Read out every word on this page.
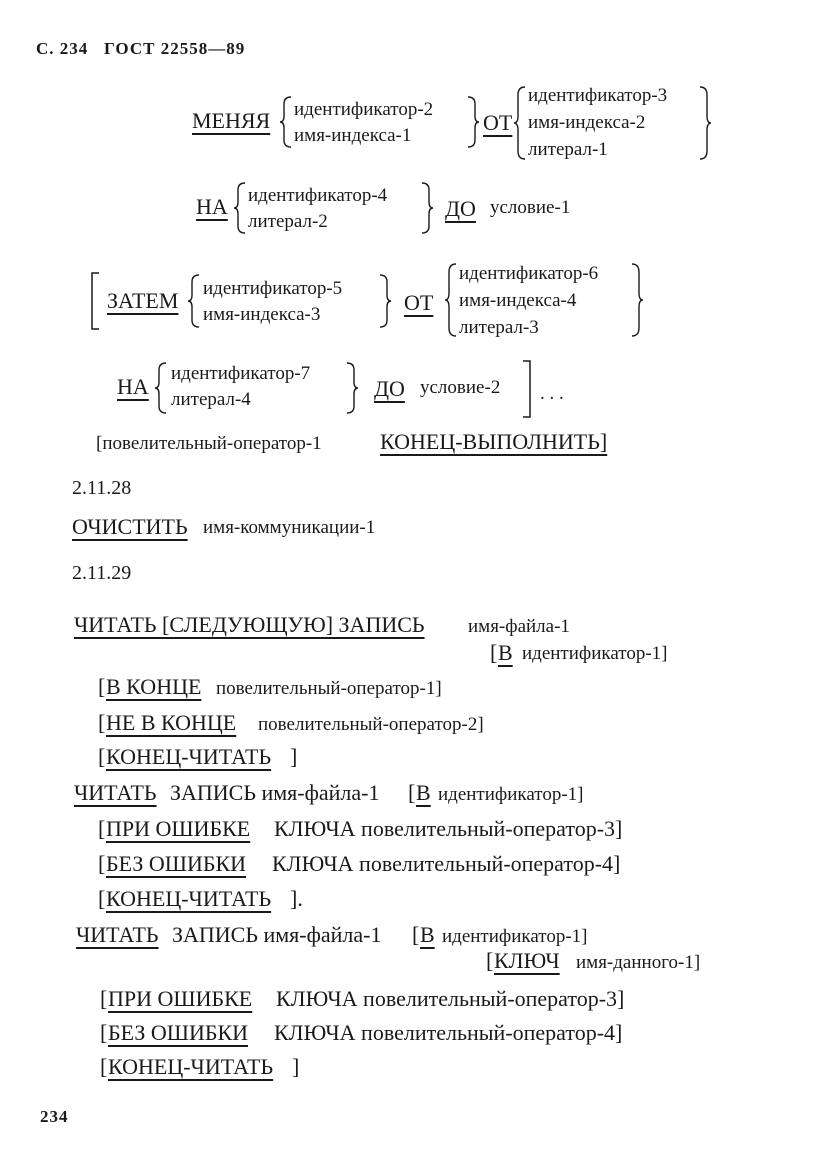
С. 234 ГОСТ 22558—89
МЕНЯЯ идентификатор-2
имя-индекса-1
ОТ
идентификатор-3
имя-индекса-2
литерал-1
НА идентификатор-4
литерал-2
ДО условие-1
ЗАТЕМ идентификатор-5
имя-индекса-3	ОТ
идентификатор-6
имя-индекса-4
литерал-3
НА
идентификатор-7
литерал-4	ДО условие-2 . . .
[повелительный-оператор-1	КОНЕЦ-ВЫПОЛНИТЬ]
2.11.28
ОЧИСТИТЬ имя-коммуникации-1
2.11.29
ЧИТАТЬ [СЛЕДУЮЩУЮ] ЗАПИСЬ имя-файла-1
[ В идентификатор-1]
[ В КОНЦЕ повелительный-оператор-1]
[ НЕ В КОНЦЕ повелительный-оператор-2]
[ КОНЕЦ-ЧИТАТЬ ]
ЧИТАТЬ ЗАПИСЬ имя-файла-1 [ В идентификатор-1]
[ ПРИ ОШИБКЕ КЛЮЧА повелительный-оператор-3]
[ БЕЗ ОШИБКИ КЛЮЧА повелительный-оператор-4]
[ КОНЕЦ-ЧИТАТЬ ].
ЧИТАТЬ ЗАПИСЬ имя-файла-1 [ В идентификатор-1]
[ КЛЮЧ имя-данного-1]
[ ПРИ ОШИБКЕ КЛЮЧА повелительный-оператор-3]
[ БЕЗ ОШИБКИ КЛЮЧА повелительный-оператор-4]
[ КОНЕЦ-ЧИТАТЬ ]
234
